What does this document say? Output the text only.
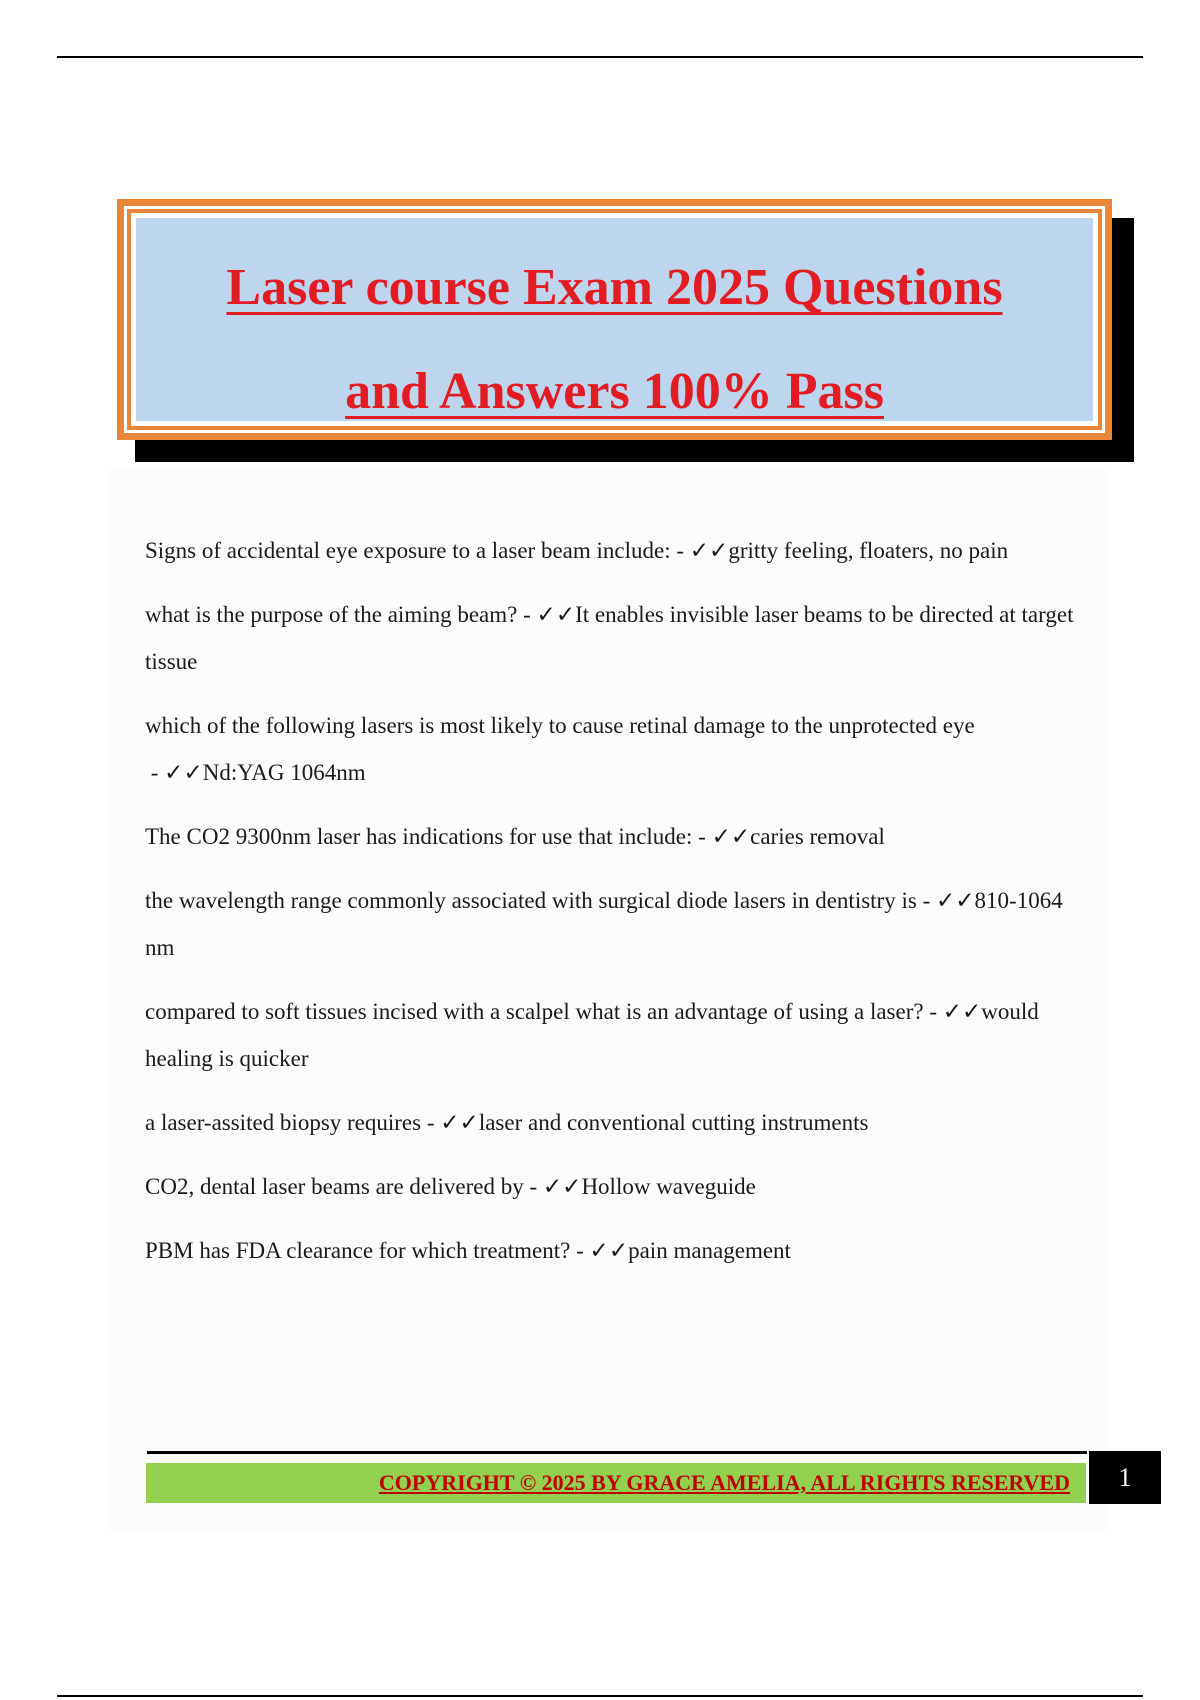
Laser course Exam 2025 Questions
and Answers 100% Pass
Signs of accidental eye exposure to a laser beam include: - ✓✓gritty feeling, floaters, no pain
what is the purpose of the aiming beam? - ✓✓It enables invisible laser beams to be directed at target tissue
which of the following lasers is most likely to cause retinal damage to the unprotected eye - ✓✓Nd:YAG 1064nm
The CO2 9300nm laser has indications for use that include: - ✓✓caries removal
the wavelength range commonly associated with surgical diode lasers in dentistry is - ✓✓810-1064 nm
compared to soft tissues incised with a scalpel what is an advantage of using a laser? - ✓✓would healing is quicker
a laser-assited biopsy requires - ✓✓laser and conventional cutting instruments
CO2, dental laser beams are delivered by - ✓✓Hollow waveguide
PBM has FDA clearance for which treatment? - ✓✓pain management
COPYRIGHT © 2025 BY GRACE AMELIA, ALL RIGHTS RESERVED	1
